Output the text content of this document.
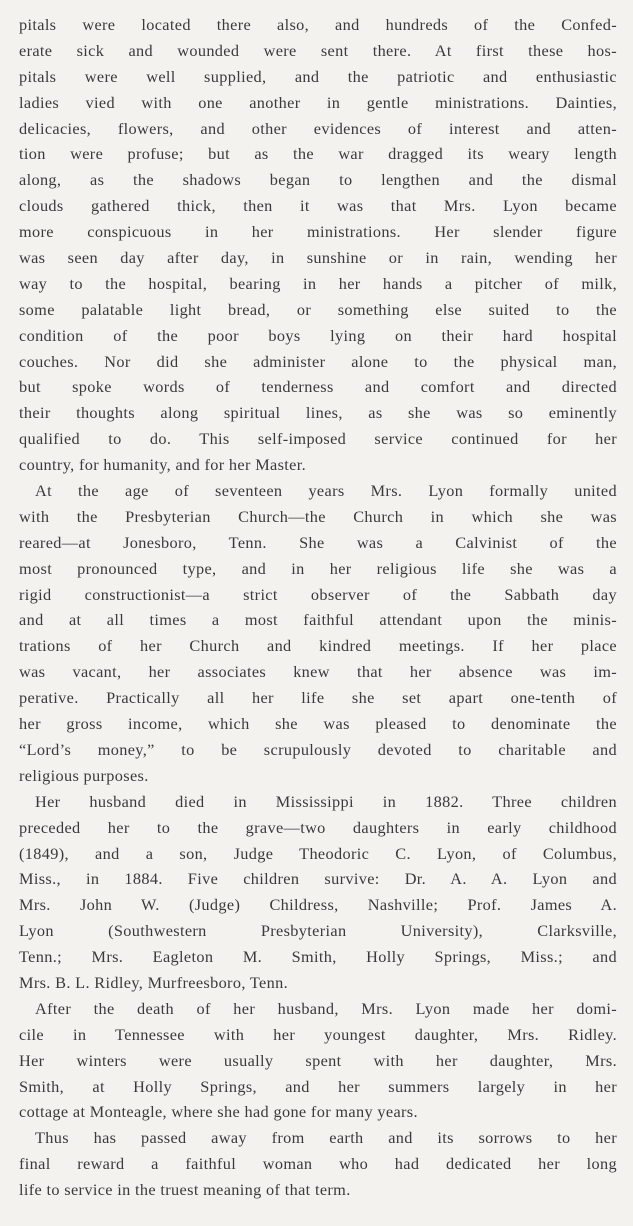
pitals were located there also, and hundreds of the Confed-
erate sick and wounded were sent there. At first these hos-
pitals were well supplied, and the patriotic and enthusiastic
ladies vied with one another in gentle ministrations. Dainties,
delicacies, flowers, and other evidences of interest and atten-
tion were profuse; but as the war dragged its weary length
along, as the shadows began to lengthen and the dismal
clouds gathered thick, then it was that Mrs. Lyon became
more conspicuous in her ministrations. Her slender figure
was seen day after day, in sunshine or in rain, wending her
way to the hospital, bearing in her hands a pitcher of milk,
some palatable light bread, or something else suited to the
condition of the poor boys lying on their hard hospital
couches. Nor did she administer alone to the physical man,
but spoke words of tenderness and comfort and directed
their thoughts along spiritual lines, as she was so eminently
qualified to do. This self-imposed service continued for her
country, for humanity, and for her Master.
At the age of seventeen years Mrs. Lyon formally united
with the Presbyterian Church—the Church in which she was
reared—at Jonesboro, Tenn. She was a Calvinist of the
most pronounced type, and in her religious life she was a
rigid constructionist—a strict observer of the Sabbath day
and at all times a most faithful attendant upon the minis-
trations of her Church and kindred meetings. If her place
was vacant, her associates knew that her absence was im-
perative. Practically all her life she set apart one-tenth of
her gross income, which she was pleased to denominate the
“Lord’s money,” to be scrupulously devoted to charitable and
religious purposes.
Her husband died in Mississippi in 1882. Three children
preceded her to the grave—two daughters in early childhood
(1849), and a son, Judge Theodoric C. Lyon, of Columbus,
Miss., in 1884. Five children survive: Dr. A. A. Lyon and
Mrs. John W. (Judge) Childress, Nashville; Prof. James A.
Lyon (Southwestern Presbyterian University), Clarksville,
Tenn.; Mrs. Eagleton M. Smith, Holly Springs, Miss.; and
Mrs. B. L. Ridley, Murfreesboro, Tenn.
After the death of her husband, Mrs. Lyon made her domi-
cile in Tennessee with her youngest daughter, Mrs. Ridley.
Her winters were usually spent with her daughter, Mrs.
Smith, at Holly Springs, and her summers largely in her
cottage at Monteagle, where she had gone for many years.
Thus has passed away from earth and its sorrows to her
final reward a faithful woman who had dedicated her long
life to service in the truest meaning of that term.
